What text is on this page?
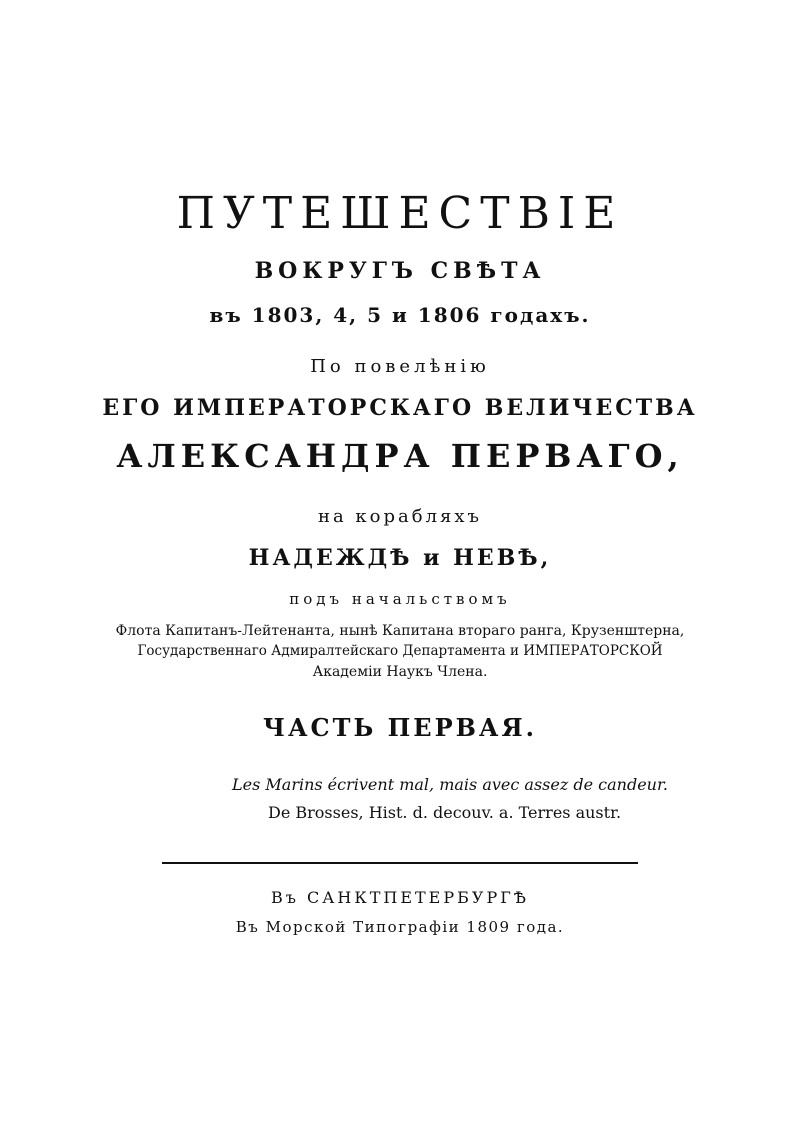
ПУТЕШЕСТВІЕ
ВОКРУГЪ СВѢТА
въ 1803, 4, 5 и 1806 годахъ.
По повелѣнію
ЕГО ИМПЕРАТОРСКАГО ВЕЛИЧЕСТВА
АЛЕКСАНДРА ПЕРВАГО,
на корабляхъ
НАДЕЖДѢ и НЕВѢ,
подъ начальствомъ
Флота Капитанъ-Лейтенанта, нынѣ Капитана втораго ранга, Крузенштерна,
Государственнаго Адмиралтейскаго Департамента и ИМПЕРАТОРСКОЙ
Академіи Наукъ Члена.
ЧАСТЬ ПЕРВАЯ.
Les Marins écrivent mal, mais avec assez de candeur.
De Brosses, Hist. d. decouv. a. Terres austr.
Въ САНКТПЕТЕРБУРГѢ
Въ Морской Типографіи 1809 года.
